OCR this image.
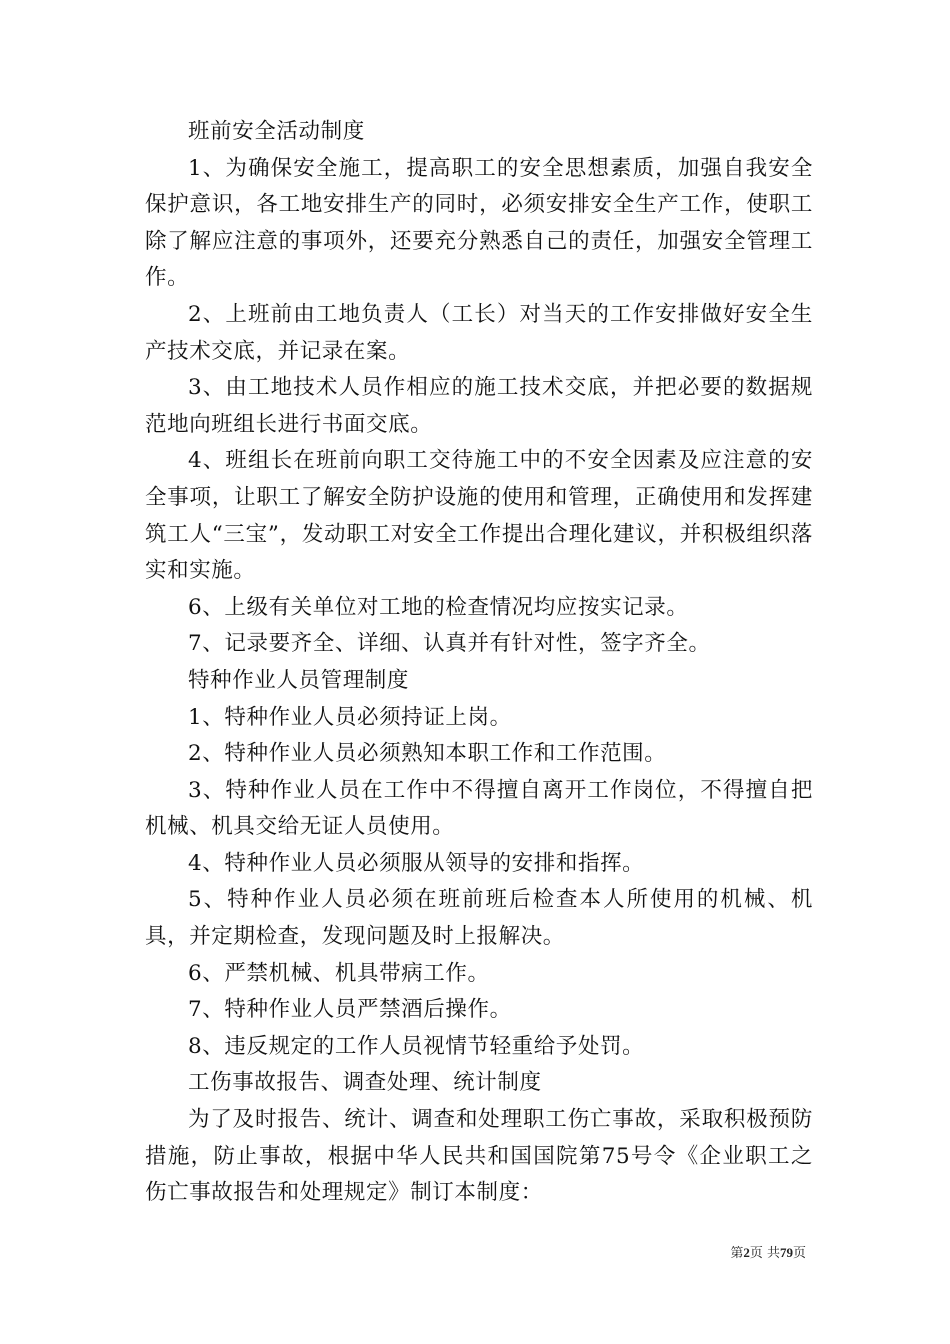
班前安全活动制度

1、为确保安全施工，提高职工的安全思想素质，加强自我安全保护意识，各工地安排生产的同时，必须安排安全生产工作，使职工除了解应注意的事项外，还要充分熟悉自己的责任，加强安全管理工作。

2、上班前由工地负责人（工长）对当天的工作安排做好安全生产技术交底，并记录在案。

3、由工地技术人员作相应的施工技术交底，并把必要的数据规范地向班组长进行书面交底。

4、班组长在班前向职工交待施工中的不安全因素及应注意的安全事项，让职工了解安全防护设施的使用和管理，正确使用和发挥建筑工人“三宝”，发动职工对安全工作提出合理化建议，并积极组织落实和实施。

6、上级有关单位对工地的检查情况均应按实记录。

7、记录要齐全、详细、认真并有针对性，签字齐全。

特种作业人员管理制度

1、特种作业人员必须持证上岗。

2、特种作业人员必须熟知本职工作和工作范围。

3、特种作业人员在工作中不得擅自离开工作岗位，不得擅自把机械、机具交给无证人员使用。

4、特种作业人员必须服从领导的安排和指挥。

5、特种作业人员必须在班前班后检查本人所使用的机械、机具，并定期检查，发现问题及时上报解决。

6、严禁机械、机具带病工作。

7、特种作业人员严禁酒后操作。

8、违反规定的工作人员视情节轻重给予处罚。

工伤事故报告、调查处理、统计制度

为了及时报告、统计、调查和处理职工伤亡事故，采取积极预防措施，防止事故，根据中华人民共和国国院第75号令《企业职工之伤亡事故报告和处理规定》制订本制度：

第2页 共79页
